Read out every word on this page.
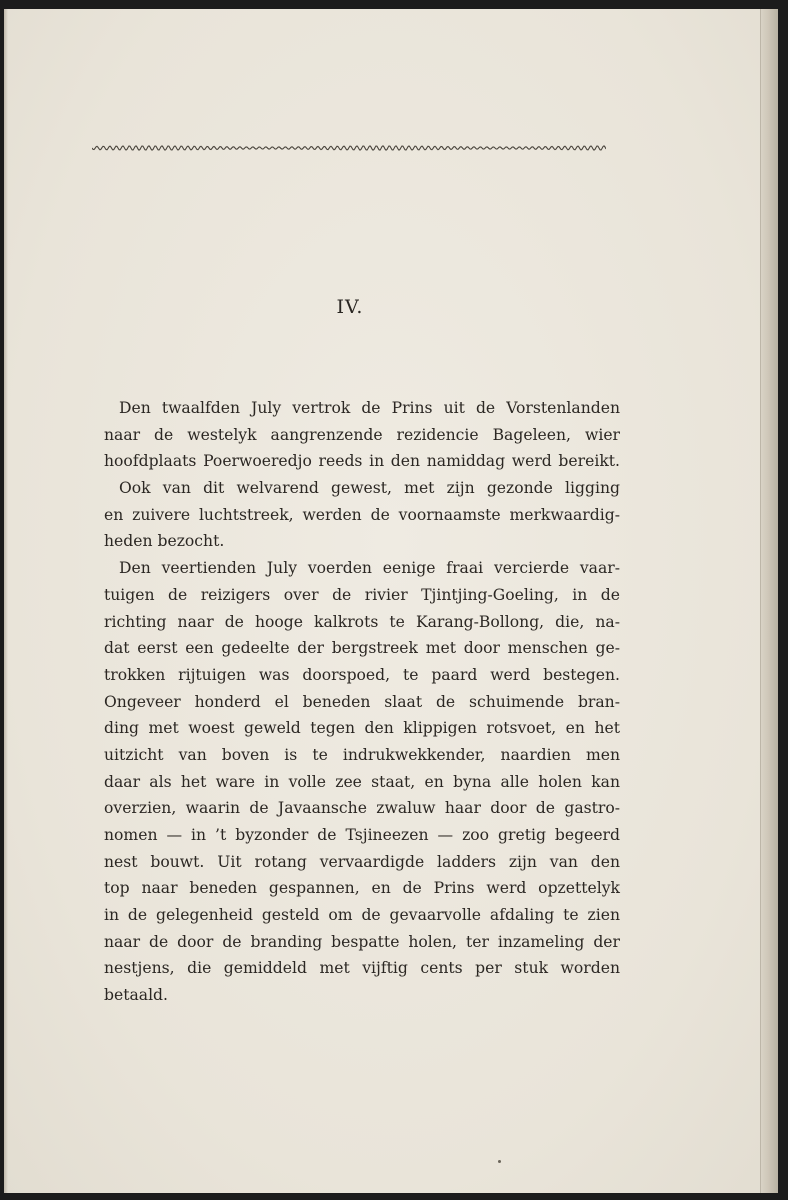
IV.
Den twaalfden July vertrok de Prins uit de Vorstenlanden
naar de westelyk aangrenzende rezidencie Bageleen, wier
hoofdplaats Poerwoeredjo reeds in den namiddag werd bereikt.
Ook van dit welvarend gewest, met zijn gezonde ligging
en zuivere luchtstreek, werden de voornaamste merkwaardig-
heden bezocht.
Den veertienden July voerden eenige fraai vercierde vaar-
tuigen de reizigers over de rivier Tjintjing-Goeling, in de
richting naar de hooge kalkrots te Karang-Bollong, die, na-
dat eerst een gedeelte der bergstreek met door menschen ge-
trokken rijtuigen was doorspoed, te paard werd bestegen.
Ongeveer honderd el beneden slaat de schuimende bran-
ding met woest geweld tegen den klippigen rotsvoet, en het
uitzicht van boven is te indrukwekkender, naardien men
daar als het ware in volle zee staat, en byna alle holen kan
overzien, waarin de Javaansche zwaluw haar door de gastro-
nomen — in ’t byzonder de Tsjineezen — zoo gretig begeerd
nest bouwt. Uit rotang vervaardigde ladders zijn van den
top naar beneden gespannen, en de Prins werd opzettelyk
in de gelegenheid gesteld om de gevaarvolle afdaling te zien
naar de door de branding bespatte holen, ter inzameling der
nestjens, die gemiddeld met vijftig cents per stuk worden
betaald.
